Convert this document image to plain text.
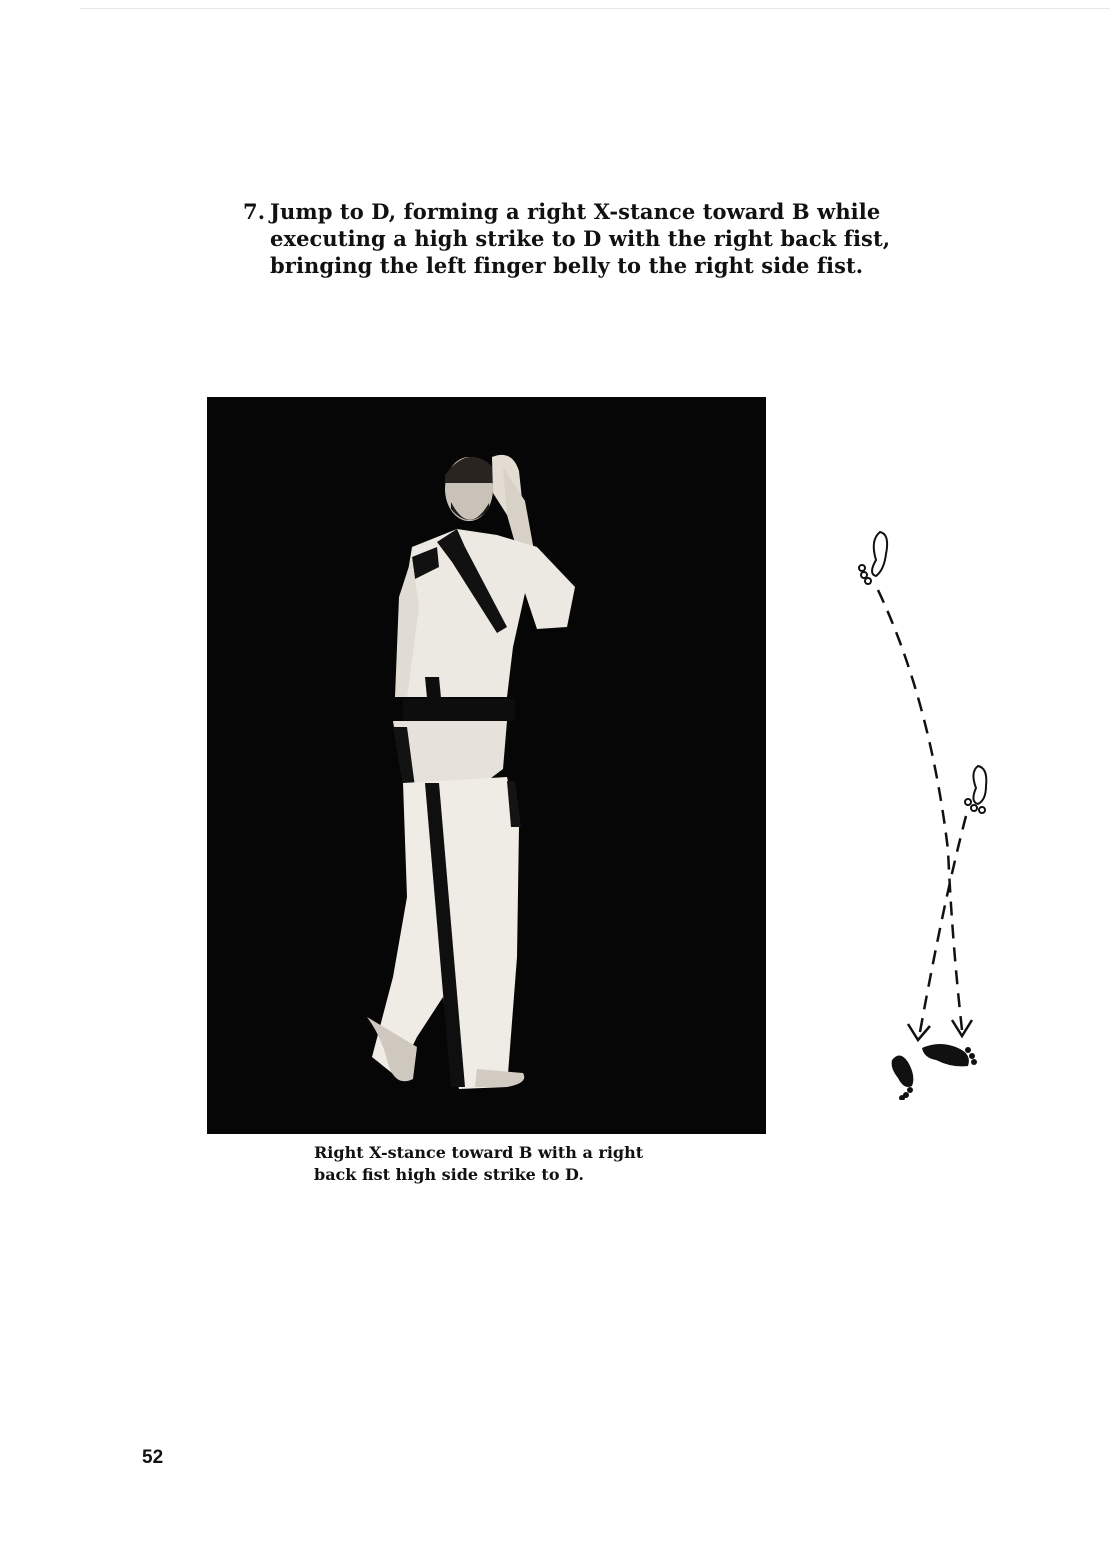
7. Jump to D, forming a right X-stance toward B while executing a high strike to D with the right back fist, bringing the left finger belly to the right side fist.
Right X-stance toward B with a right
back fist high side strike to D.
52
